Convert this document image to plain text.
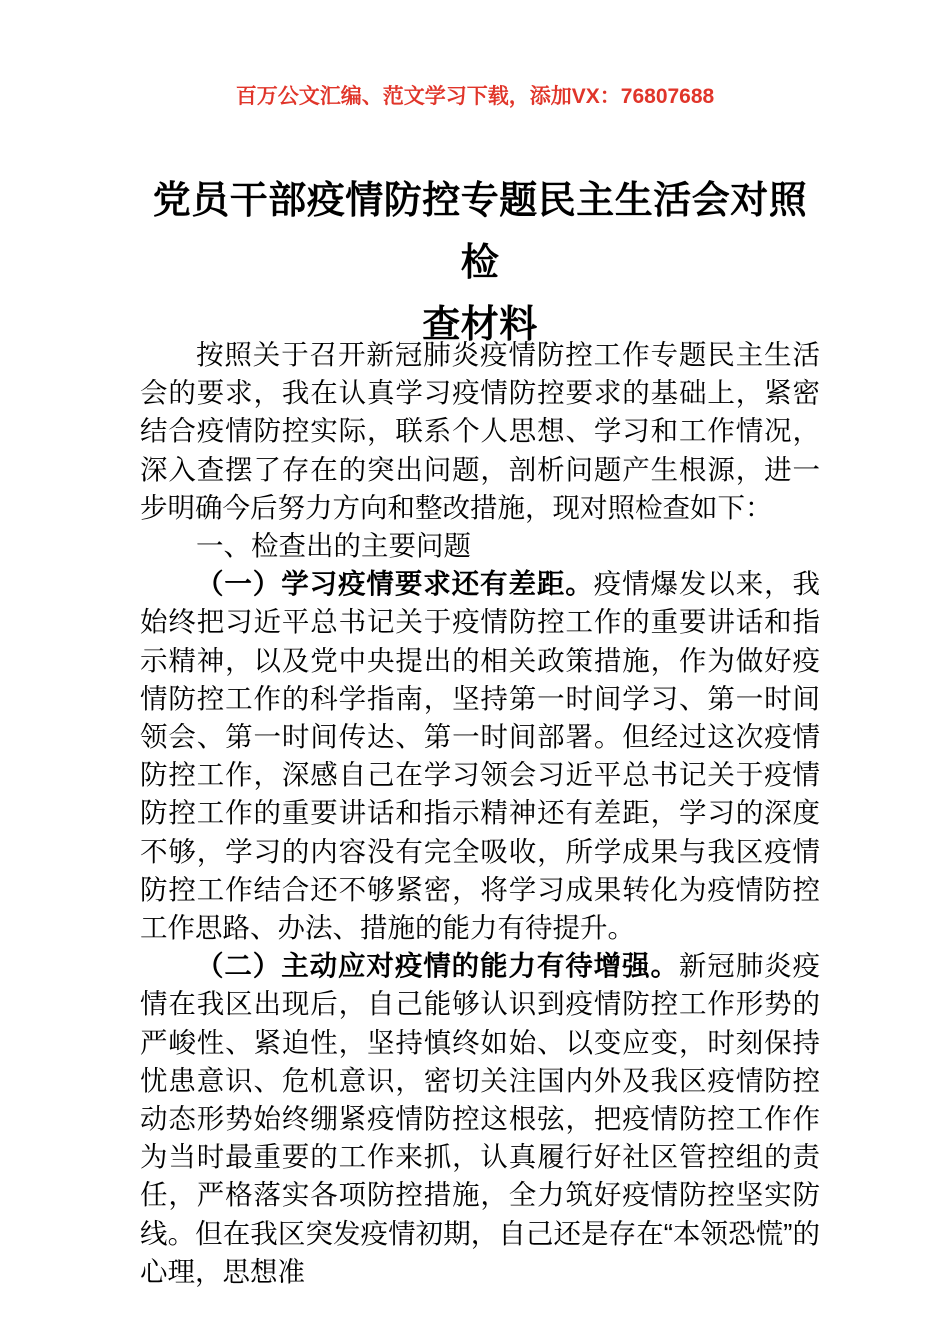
百万公文汇编、范文学习下载，添加VX：76807688
党员干部疫情防控专题民主生活会对照检
查材料

按照关于召开新冠肺炎疫情防控工作专题民主生活会的要求，我在认真学习疫情防控要求的基础上，紧密结合疫情防控实际，联系个人思想、学习和工作情况，深入查摆了存在的突出问题，剖析问题产生根源，进一步明确今后努力方向和整改措施，现对照检查如下：

一、检查出的主要问题

（一）学习疫情要求还有差距。疫情爆发以来，我始终把习近平总书记关于疫情防控工作的重要讲话和指示精神，以及党中央提出的相关政策措施，作为做好疫情防控工作的科学指南，坚持第一时间学习、第一时间领会、第一时间传达、第一时间部署。但经过这次疫情防控工作，深感自己在学习领会习近平总书记关于疫情防控工作的重要讲话和指示精神还有差距，学习的深度不够，学习的内容没有完全吸收，所学成果与我区疫情防控工作结合还不够紧密，将学习成果转化为疫情防控工作思路、办法、措施的能力有待提升。

（二）主动应对疫情的能力有待增强。新冠肺炎疫情在我区出现后，自己能够认识到疫情防控工作形势的严峻性、紧迫性，坚持慎终如始、以变应变，时刻保持忧患意识、危机意识，密切关注国内外及我区疫情防控动态形势始终绷紧疫情防控这根弦，把疫情防控工作作为当时最重要的工作来抓，认真履行好社区管控组的责任，严格落实各项防控措施，全力筑好疫情防控坚实防线。但在我区突发疫情初期，自己还是存在“本领恐慌”的心理，思想准
